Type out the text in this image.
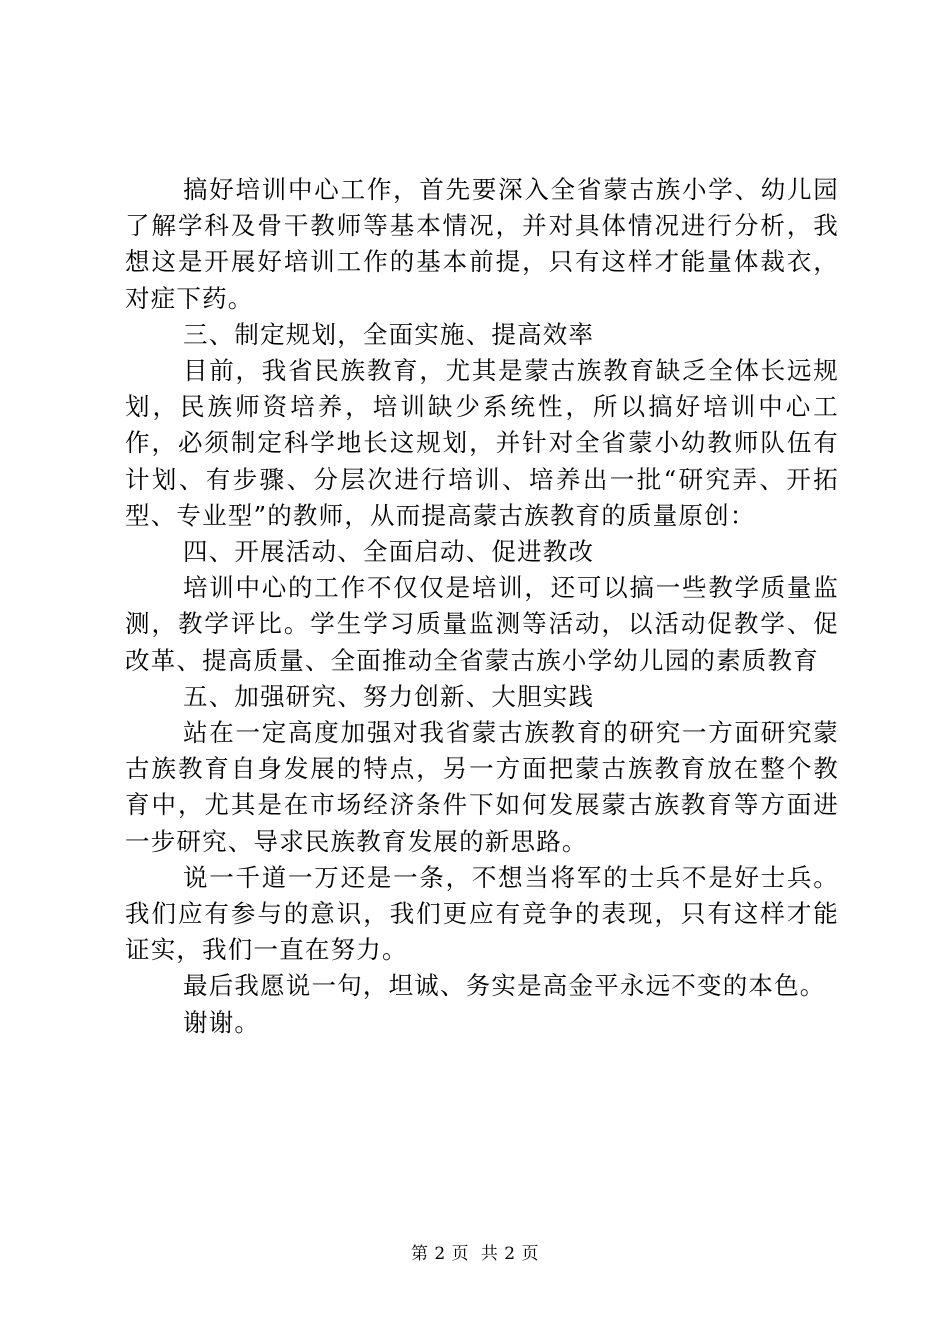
搞好培训中心工作，首先要深入全省蒙古族小学、幼儿园了解学科及骨干教师等基本情况，并对具体情况进行分析，我想这是开展好培训工作的基本前提，只有这样才能量体裁衣，对症下药。

三、制定规划，全面实施、提高效率

目前，我省民族教育，尤其是蒙古族教育缺乏全体长远规划，民族师资培养，培训缺少系统性，所以搞好培训中心工作，必须制定科学地长这规划，并针对全省蒙小幼教师队伍有计划、有步骤、分层次进行培训、培养出一批“研究弄、开拓型、专业型”的教师，从而提高蒙古族教育的质量原创：

四、开展活动、全面启动、促进教改

培训中心的工作不仅仅是培训，还可以搞一些教学质量监测，教学评比。学生学习质量监测等活动，以活动促教学、促改革、提高质量、全面推动全省蒙古族小学幼儿园的素质教育

五、加强研究、努力创新、大胆实践

站在一定高度加强对我省蒙古族教育的研究一方面研究蒙古族教育自身发展的特点，另一方面把蒙古族教育放在整个教育中，尤其是在市场经济条件下如何发展蒙古族教育等方面进一步研究、导求民族教育发展的新思路。

说一千道一万还是一条，不想当将军的士兵不是好士兵。我们应有参与的意识，我们更应有竞争的表现，只有这样才能证实，我们一直在努力。

最后我愿说一句，坦诚、务实是高金平永远不变的本色。

谢谢。

第 2 页  共 2 页
